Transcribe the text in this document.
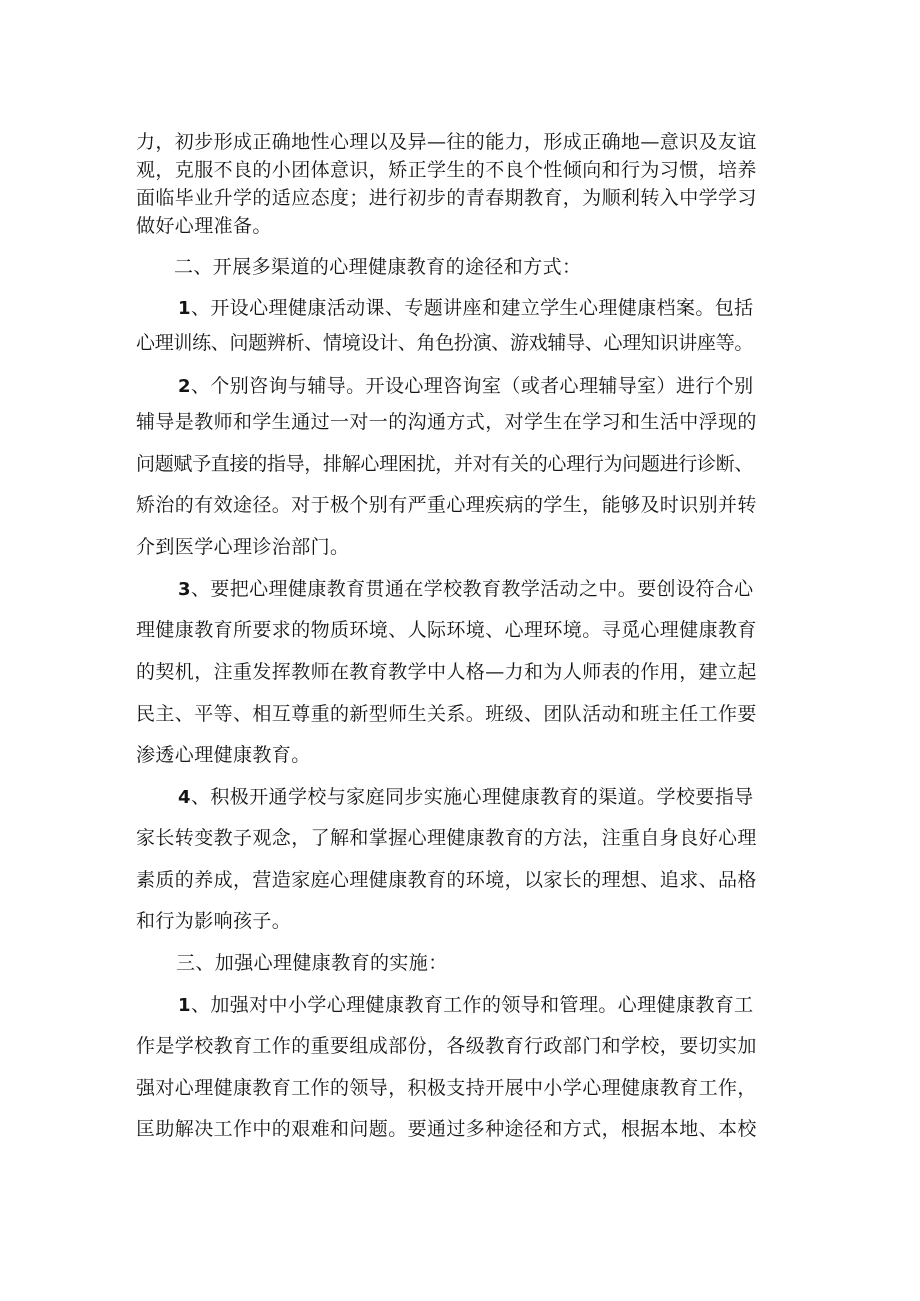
力，初步形成正确地性心理以及异—往的能力，形成正确地—意识及友谊
观，克服不良的小团体意识，矫正学生的不良个性倾向和行为习惯，培养
面临毕业升学的适应态度；进行初步的青春期教育，为顺利转入中学学习
做好心理准备。
二、开展多渠道的心理健康教育的途径和方式：
1、开设心理健康活动课、专题讲座和建立学生心理健康档案。包括
心理训练、问题辨析、情境设计、角色扮演、游戏辅导、心理知识讲座等。
2、个别咨询与辅导。开设心理咨询室（或者心理辅导室）进行个别
辅导是教师和学生通过一对一的沟通方式，对学生在学习和生活中浮现的
问题赋予直接的指导，排解心理困扰，并对有关的心理行为问题进行诊断、
矫治的有效途径。对于极个别有严重心理疾病的学生，能够及时识别并转
介到医学心理诊治部门。
3、要把心理健康教育贯通在学校教育教学活动之中。要创设符合心
理健康教育所要求的物质环境、人际环境、心理环境。寻觅心理健康教育
的契机，注重发挥教师在教育教学中人格—力和为人师表的作用，建立起
民主、平等、相互尊重的新型师生关系。班级、团队活动和班主任工作要
渗透心理健康教育。
4、积极开通学校与家庭同步实施心理健康教育的渠道。学校要指导
家长转变教子观念，了解和掌握心理健康教育的方法，注重自身良好心理
素质的养成，营造家庭心理健康教育的环境，以家长的理想、追求、品格
和行为影响孩子。
三、加强心理健康教育的实施：
1、加强对中小学心理健康教育工作的领导和管理。心理健康教育工
作是学校教育工作的重要组成部份，各级教育行政部门和学校，要切实加
强对心理健康教育工作的领导，积极支持开展中小学心理健康教育工作，
匡助解决工作中的艰难和问题。要通过多种途径和方式，根据本地、本校
